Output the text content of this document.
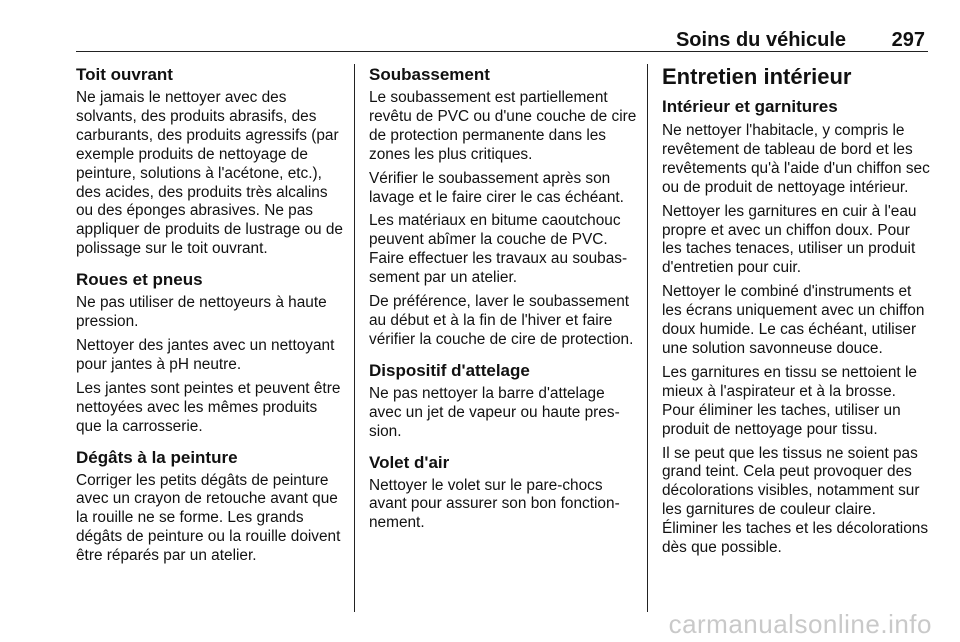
Soins du véhicule 297
Toit ouvrant

Ne jamais le nettoyer avec des solvants, des produits abrasifs, des carburants, des produits agressifs (par exemple produits de nettoyage de peinture, solutions à l'acétone, etc.), des acides, des produits très alcalins ou des éponges abrasives. Ne pas appliquer de produits de lustrage ou de polissage sur le toit ouvrant.

Roues et pneus

Ne pas utiliser de nettoyeurs à haute pression.

Nettoyer des jantes avec un nettoyant pour jantes à pH neutre.

Les jantes sont peintes et peuvent être nettoyées avec les mêmes produits que la carrosserie.

Dégâts à la peinture

Corriger les petits dégâts de peinture avec un crayon de retouche avant que la rouille ne se forme. Les grands dégâts de peinture ou la rouille doivent être réparés par un atelier.

Soubassement

Le soubassement est partiellement revêtu de PVC ou d'une couche de cire de protection permanente dans les zones les plus critiques.

Vérifier le soubassement après son lavage et le faire cirer le cas échéant.

Les matériaux en bitume caoutchouc peuvent abîmer la couche de PVC. Faire effectuer les travaux au soubassement par un atelier.

De préférence, laver le soubassement au début et à la fin de l'hiver et faire vérifier la couche de cire de protection.

Dispositif d'attelage

Ne pas nettoyer la barre d'attelage avec un jet de vapeur ou haute pression.

Volet d'air

Nettoyer le volet sur le pare-chocs avant pour assurer son bon fonctionnement.

Entretien intérieur
Intérieur et garnitures

Ne nettoyer l'habitacle, y compris le revêtement de tableau de bord et les revêtements qu'à l'aide d'un chiffon sec ou de produit de nettoyage intérieur.

Nettoyer les garnitures en cuir à l'eau propre et avec un chiffon doux. Pour les taches tenaces, utiliser un produit d'entretien pour cuir.

Nettoyer le combiné d'instruments et les écrans uniquement avec un chiffon doux humide. Le cas échéant, utiliser une solution savonneuse douce.

Les garnitures en tissu se nettoient le mieux à l'aspirateur et à la brosse. Pour éliminer les taches, utiliser un produit de nettoyage pour tissu.

Il se peut que les tissus ne soient pas grand teint. Cela peut provoquer des décolorations visibles, notamment sur les garnitures de couleur claire. Éliminer les taches et les décolorations dès que possible.

carmanualsonline.info
